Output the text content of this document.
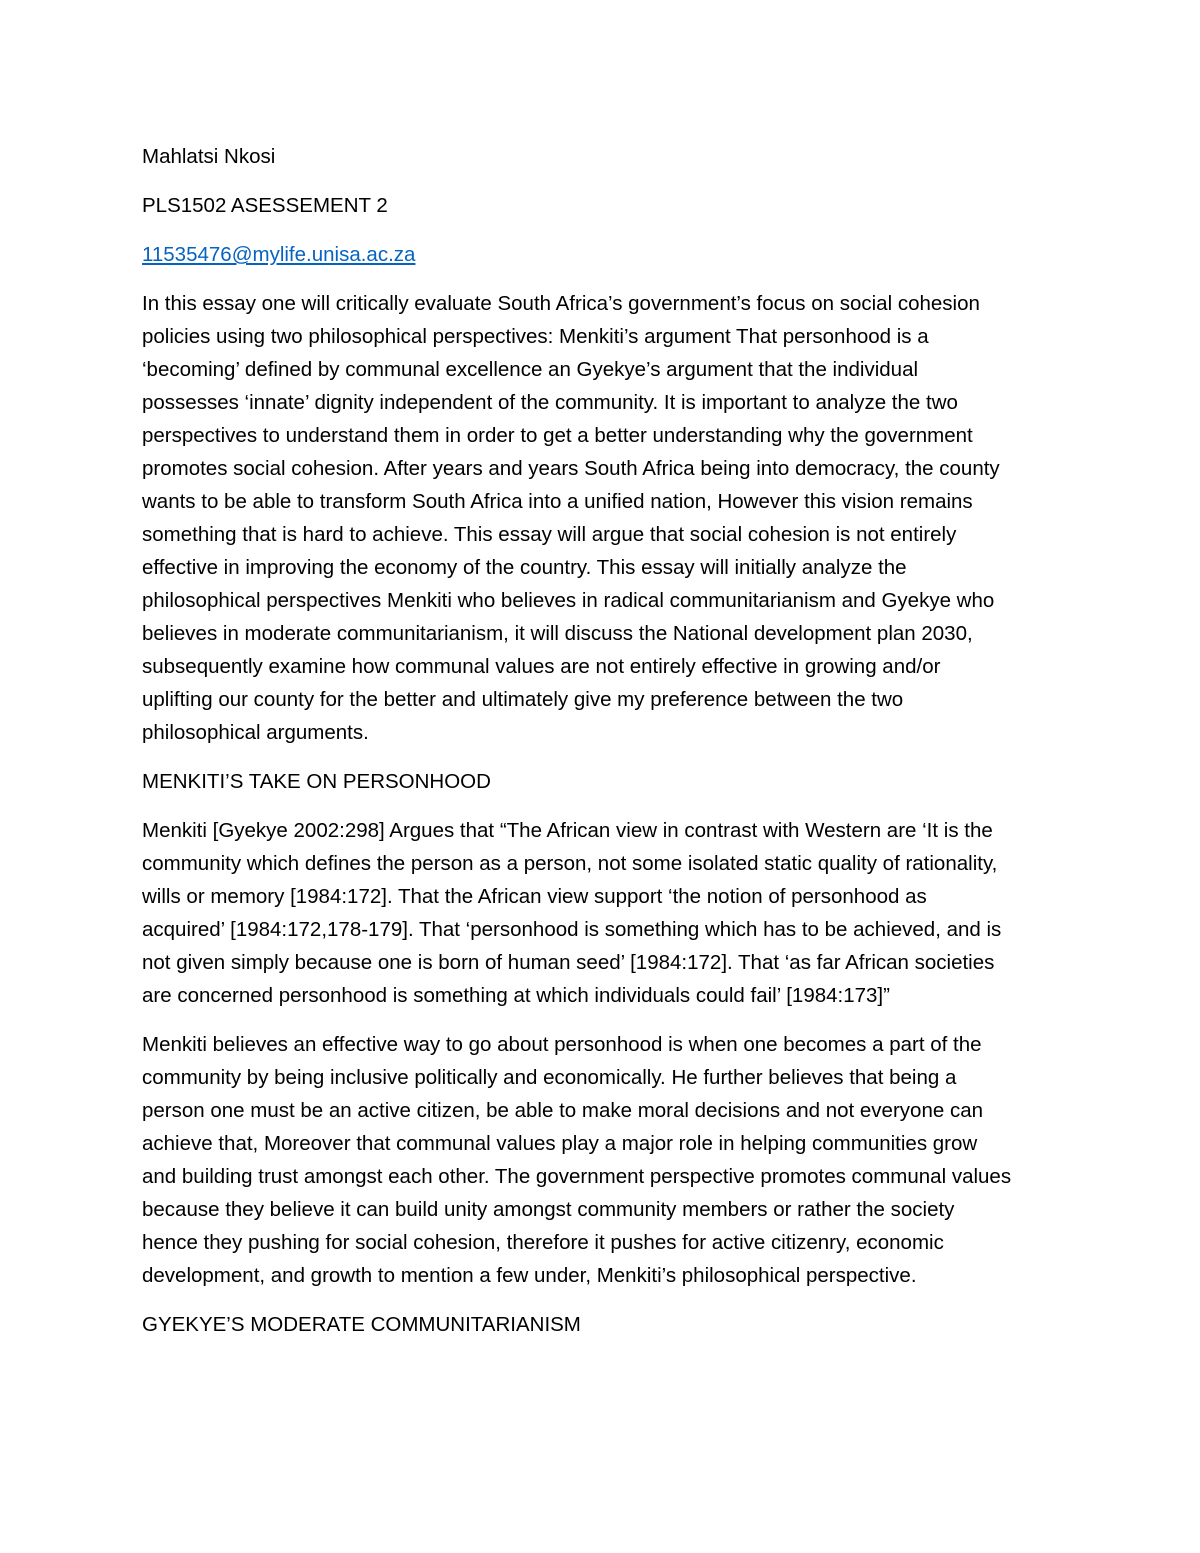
Mahlatsi Nkosi

PLS1502 ASESSEMENT 2

11535476@mylife.unisa.ac.za

In this essay one will critically evaluate South Africa’s government’s focus on social cohesion
policies using two philosophical perspectives: Menkiti’s argument That personhood is a
‘becoming’ defined by communal excellence an Gyekye’s argument that the individual
possesses ‘innate’ dignity independent of the community. It is important to analyze the two
perspectives to understand them in order to get a better understanding why the government
promotes social cohesion. After years and years South Africa being into democracy, the county
wants to be able to transform South Africa into a unified nation, However this vision remains
something that is hard to achieve. This essay will argue that social cohesion is not entirely
effective in improving the economy of the country. This essay will initially analyze the
philosophical perspectives Menkiti who believes in radical communitarianism and Gyekye who
believes in moderate communitarianism, it will discuss the National development plan 2030,
subsequently examine how communal values are not entirely effective in growing and/or
uplifting our county for the better and ultimately give my preference between the two
philosophical arguments.

MENKITI’S TAKE ON PERSONHOOD

Menkiti [Gyekye 2002:298] Argues that “The African view in contrast with Western are ‘It is the
community which defines the person as a person, not some isolated static quality of rationality,
wills or memory [1984:172]. That the African view support ‘the notion of personhood as
acquired’ [1984:172,178-179]. That ‘personhood is something which has to be achieved, and is
not given simply because one is born of human seed’ [1984:172]. That ‘as far African societies
are concerned personhood is something at which individuals could fail’ [1984:173]”
Menkiti believes an effective way to go about personhood is when one becomes a part of the
community by being inclusive politically and economically. He further believes that being a
person one must be an active citizen, be able to make moral decisions and not everyone can
achieve that, Moreover that communal values play a major role in helping communities grow
and building trust amongst each other. The government perspective promotes communal values
because they believe it can build unity amongst community members or rather the society
hence they pushing for social cohesion, therefore it pushes for active citizenry, economic
development, and growth to mention a few under, Menkiti’s philosophical perspective.

GYEKYE’S MODERATE COMMUNITARIANISM
